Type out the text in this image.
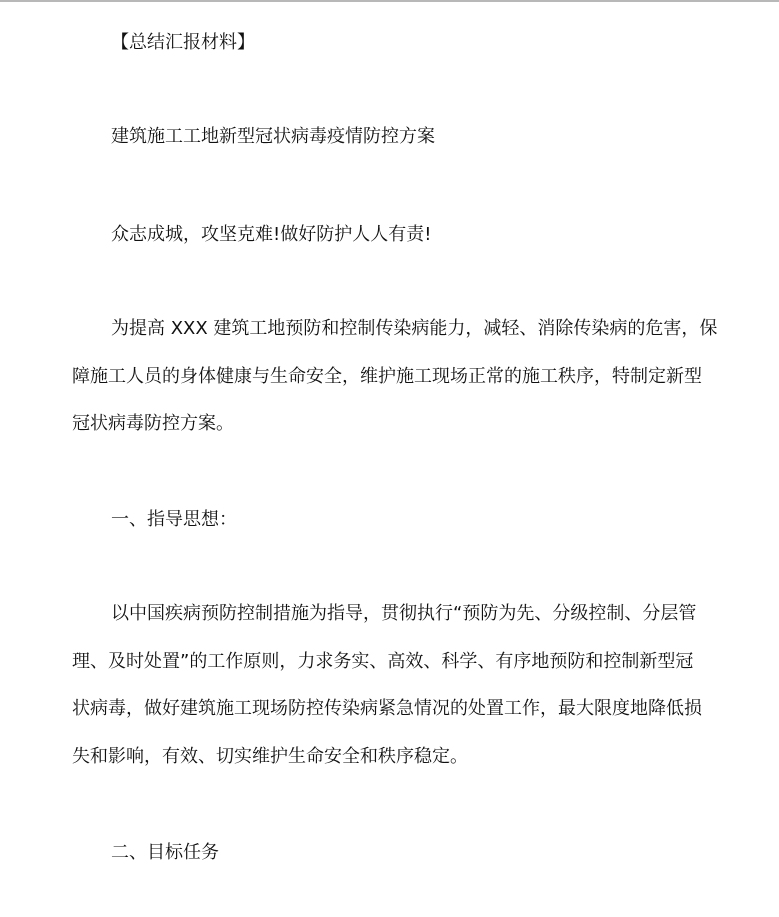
【总结汇报材料】
建筑施工工地新型冠状病毒疫情防控方案
众志成城，攻坚克难!做好防护人人有责!
为提高 XXX 建筑工地预防和控制传染病能力，减轻、消除传染病的危害，保
障施工人员的身体健康与生命安全，维护施工现场正常的施工秩序，特制定新型
冠状病毒防控方案。
一、指导思想：
以中国疾病预防控制措施为指导，贯彻执行“预防为先、分级控制、分层管
理、及时处置”的工作原则，力求务实、高效、科学、有序地预防和控制新型冠
状病毒，做好建筑施工现场防控传染病紧急情况的处置工作，最大限度地降低损
失和影响，有效、切实维护生命安全和秩序稳定。
二、目标任务
